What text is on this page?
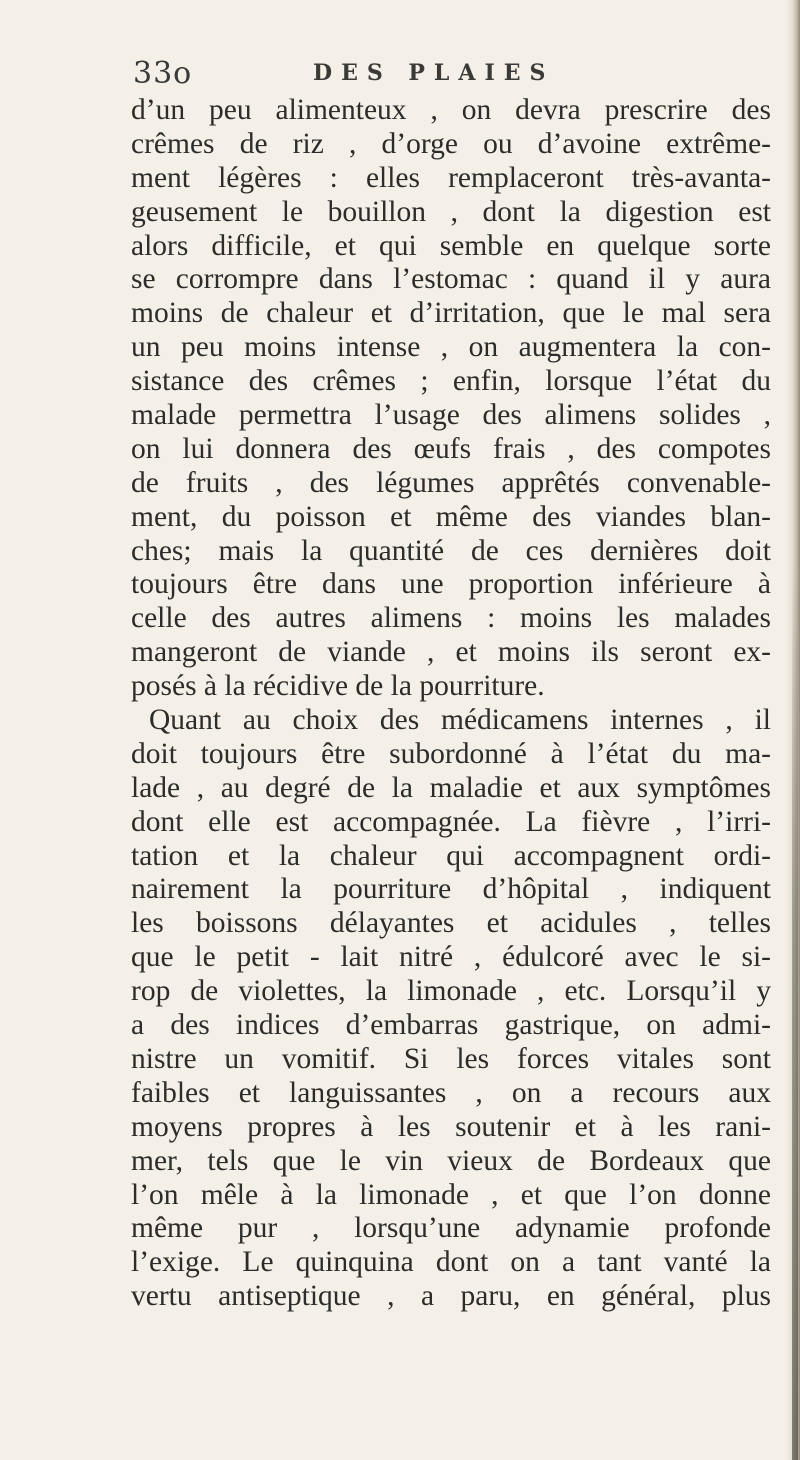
33o	DES PLAIES
d’un peu alimenteux , on devra prescrire des
crêmes de riz , d’orge ou d’avoine extrême-
ment légères : elles remplaceront très-avanta-
geusement le bouillon , dont la digestion est
alors difficile, et qui semble en quelque sorte
se corrompre dans l’estomac : quand il y aura
moins de chaleur et d’irritation, que le mal sera
un peu moins intense , on augmentera la con-
sistance des crêmes ; enfin, lorsque l’état du
malade permettra l’usage des alimens solides ,
on lui donnera des œufs frais , des compotes
de fruits , des légumes apprêtés convenable-
ment, du poisson et même des viandes blan-
ches; mais la quantité de ces dernières doit
toujours être dans une proportion inférieure à
celle des autres alimens : moins les malades
mangeront de viande , et moins ils seront ex-
posés à la récidive de la pourriture.
Quant au choix des médicamens internes , il
doit toujours être subordonné à l’état du ma-
lade , au degré de la maladie et aux symptômes
dont elle est accompagnée. La fièvre , l’irri-
tation et la chaleur qui accompagnent ordi-
nairement la pourriture d’hôpital , indiquent
les boissons délayantes et acidules , telles
que le petit - lait nitré , édulcoré avec le si-
rop de violettes, la limonade , etc. Lorsqu’il y
a des indices d’embarras gastrique, on admi-
nistre un vomitif. Si les forces vitales sont
faibles et languissantes , on a recours aux
moyens propres à les soutenir et à les rani-
mer, tels que le vin vieux de Bordeaux que
l’on mêle à la limonade , et que l’on donne
même pur , lorsqu’une adynamie profonde
l’exige. Le quinquina dont on a tant vanté la
vertu antiseptique , a paru, en général, plus
